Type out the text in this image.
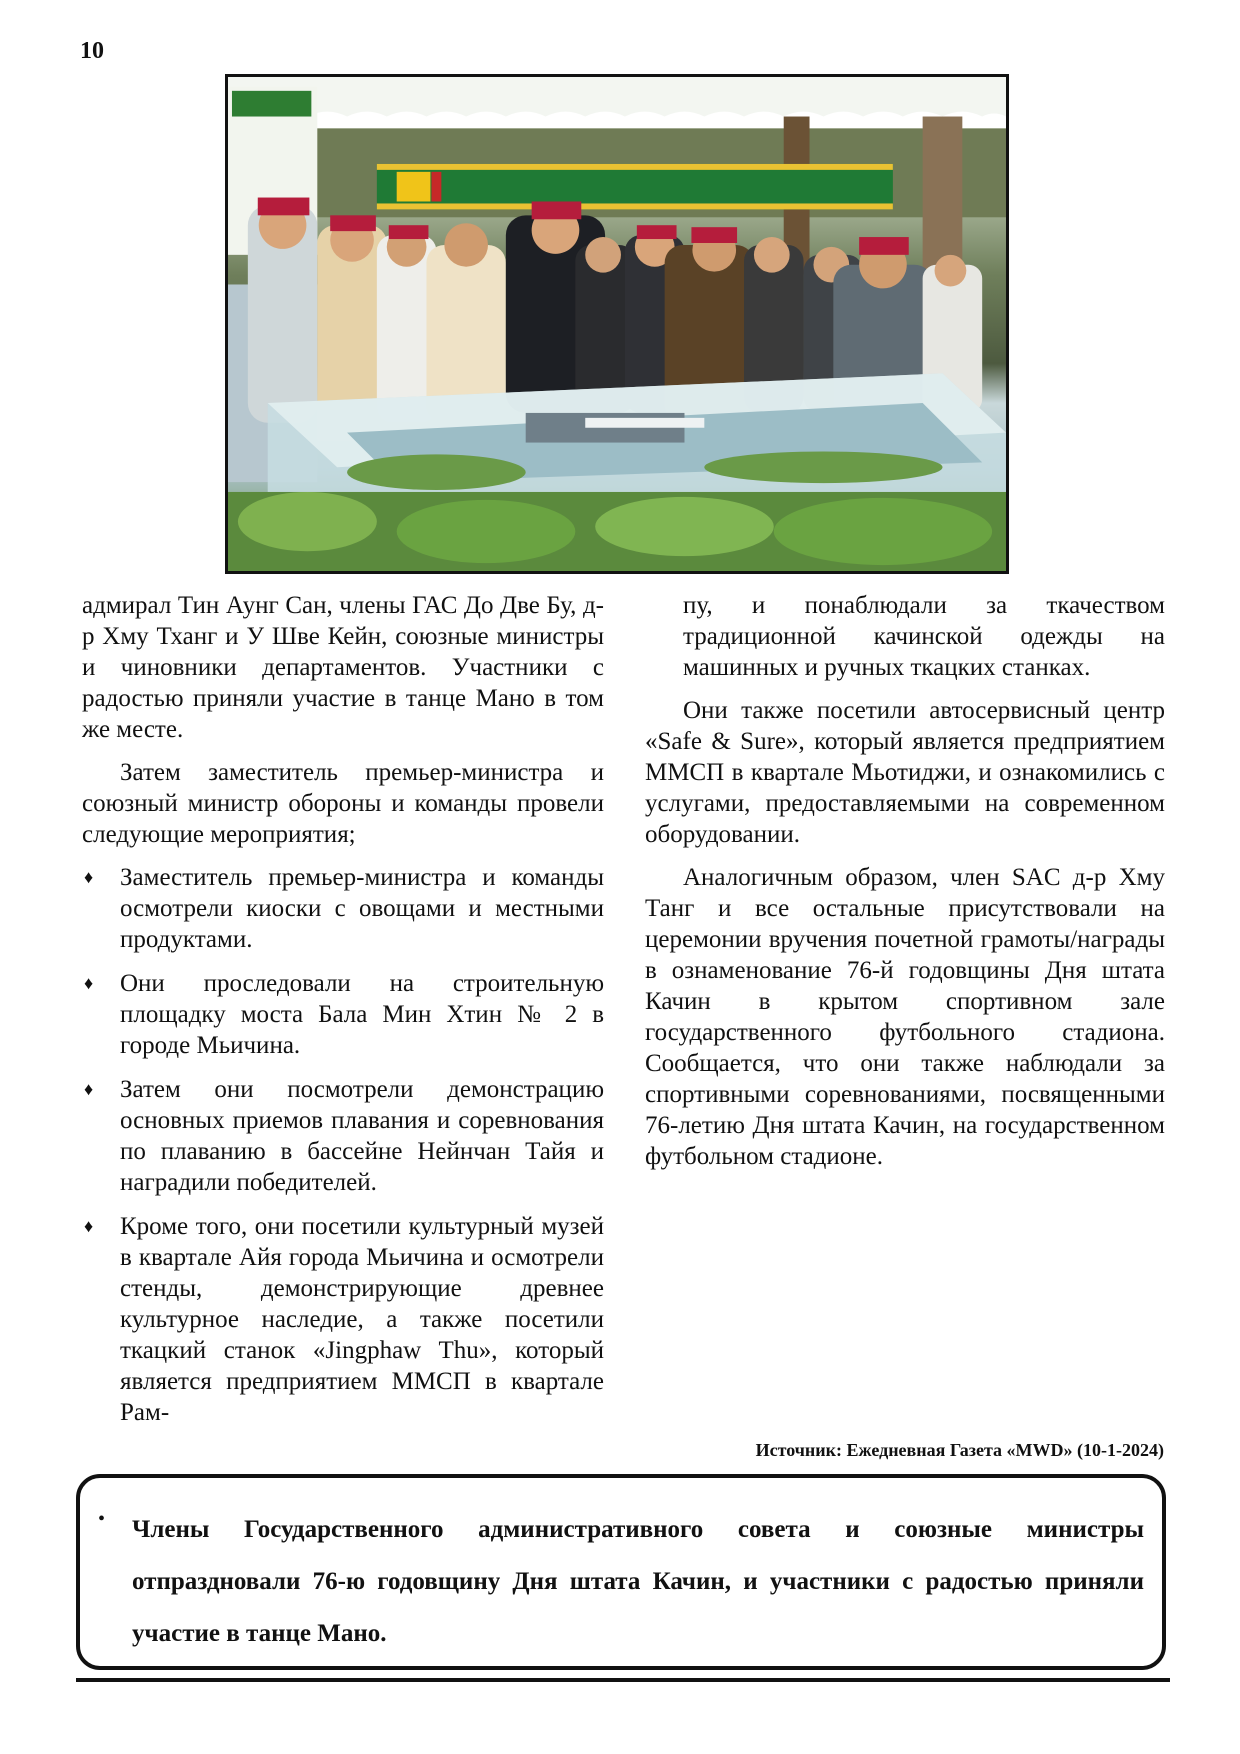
10

адмирал Тин Аунг Сан, члены ГАС До Две Бу, д-р Хму Тханг и У Шве Кейн, союзные министры и чиновники департаментов. Участники с радостью приняли участие в танце Мано в том же месте.

Затем заместитель премьер-министра и союзный министр обороны и команды провели следующие мероприятия;

♦ Заместитель премьер-министра и команды осмотрели киоски с овощами и местными продуктами.
♦ Они проследовали на строительную площадку моста Бала Мин Хтин № 2 в городе Мьичина.
♦ Затем они посмотрели демонстрацию основных приемов плавания и соревнования по плаванию в бассейне Нейнчан Тайя и наградили победителей.
♦ Кроме того, они посетили культурный музей в квартале Айя города Мьичина и осмотрели стенды, демонстрирующие древнее культурное наследие, а также посетили ткацкий станок «Jingphaw Thu», который является предприятием ММСП в квартале Рам-

пу, и понаблюдали за ткачеством традиционной качинской одежды на машинных и ручных ткацких станках.

Они также посетили автосервисный центр «Safe & Sure», который является предприятием ММСП в квартале Мьотиджи, и ознакомились с услугами, предоставляемыми на современном оборудовании.

Аналогичным образом, член SAC д-р Хму Танг и все остальные присутствовали на церемонии вручения почетной грамоты/награды в ознаменование 76-й годовщины Дня штата Качин в крытом спортивном зале государственного футбольного стадиона. Сообщается, что они также наблюдали за спортивными соревнованиями, посвященными 76-летию Дня штата Качин, на государственном футбольном стадионе.

Источник: Ежедневная Газета «MWD» (10-1-2024)
• Члены Государственного административного совета и союзные министры отпраздновали 76-ю годовщину Дня штата Качин, и участники с радостью приняли участие в танце Мано.
